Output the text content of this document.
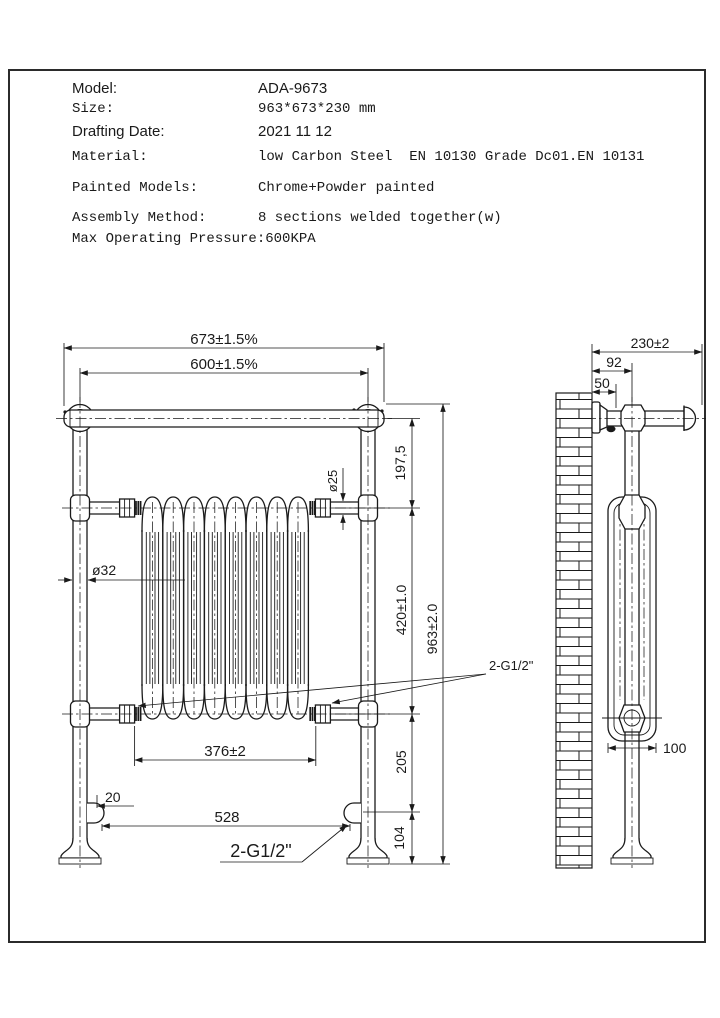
Model:	ADA-9673
Size:	963*673*230 mm
Drafting Date:	2021 11 12
Material:	low Carbon Steel  EN 10130 Grade Dc01.EN 10131
Painted Models:	Chrome+Powder painted
Assembly Method:	8 sections welded together(w)
Max Operating Pressure: 600KPA
673±1.5%
600±1.5%
197,5
420±1.0
205
104
963±2.0
ø25
ø32
376±2
20
528
2-G1/2"
2-G1/2"
230±2
92
50
100
